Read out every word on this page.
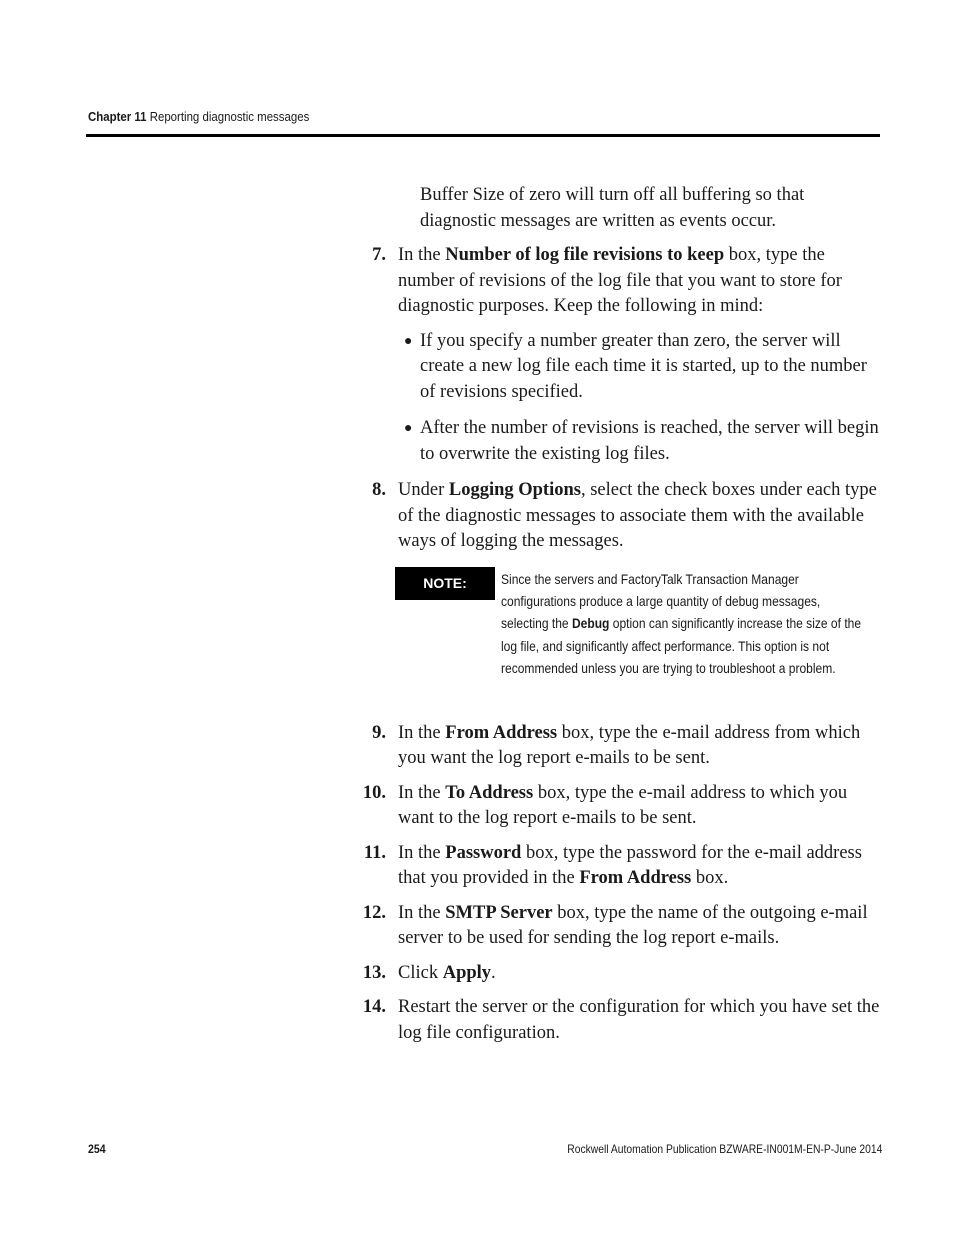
Chapter 11 Reporting diagnostic messages
Buffer Size of zero will turn off all buffering so that diagnostic messages are written as events occur.
7. In the Number of log file revisions to keep box, type the number of revisions of the log file that you want to store for diagnostic purposes. Keep the following in mind:
● If you specify a number greater than zero, the server will create a new log file each time it is started, up to the number of revisions specified.
● After the number of revisions is reached, the server will begin to overwrite the existing log files.
8. Under Logging Options, select the check boxes under each type of the diagnostic messages to associate them with the available ways of logging the messages.
NOTE:	Since the servers and FactoryTalk Transaction Manager configurations produce a large quantity of debug messages, selecting the Debug option can significantly increase the size of the log file, and significantly affect performance. This option is not recommended unless you are trying to troubleshoot a problem.
9. In the From Address box, type the e-mail address from which you want the log report e-mails to be sent.
10. In the To Address box, type the e-mail address to which you want to the log report e-mails to be sent.
11. In the Password box, type the password for the e-mail address that you provided in the From Address box.
12. In the SMTP Server box, type the name of the outgoing e-mail server to be used for sending the log report e-mails.
13. Click Apply.
14. Restart the server or the configuration for which you have set the log file configuration.
254	Rockwell Automation Publication BZWARE-IN001M-EN-P-June 2014
